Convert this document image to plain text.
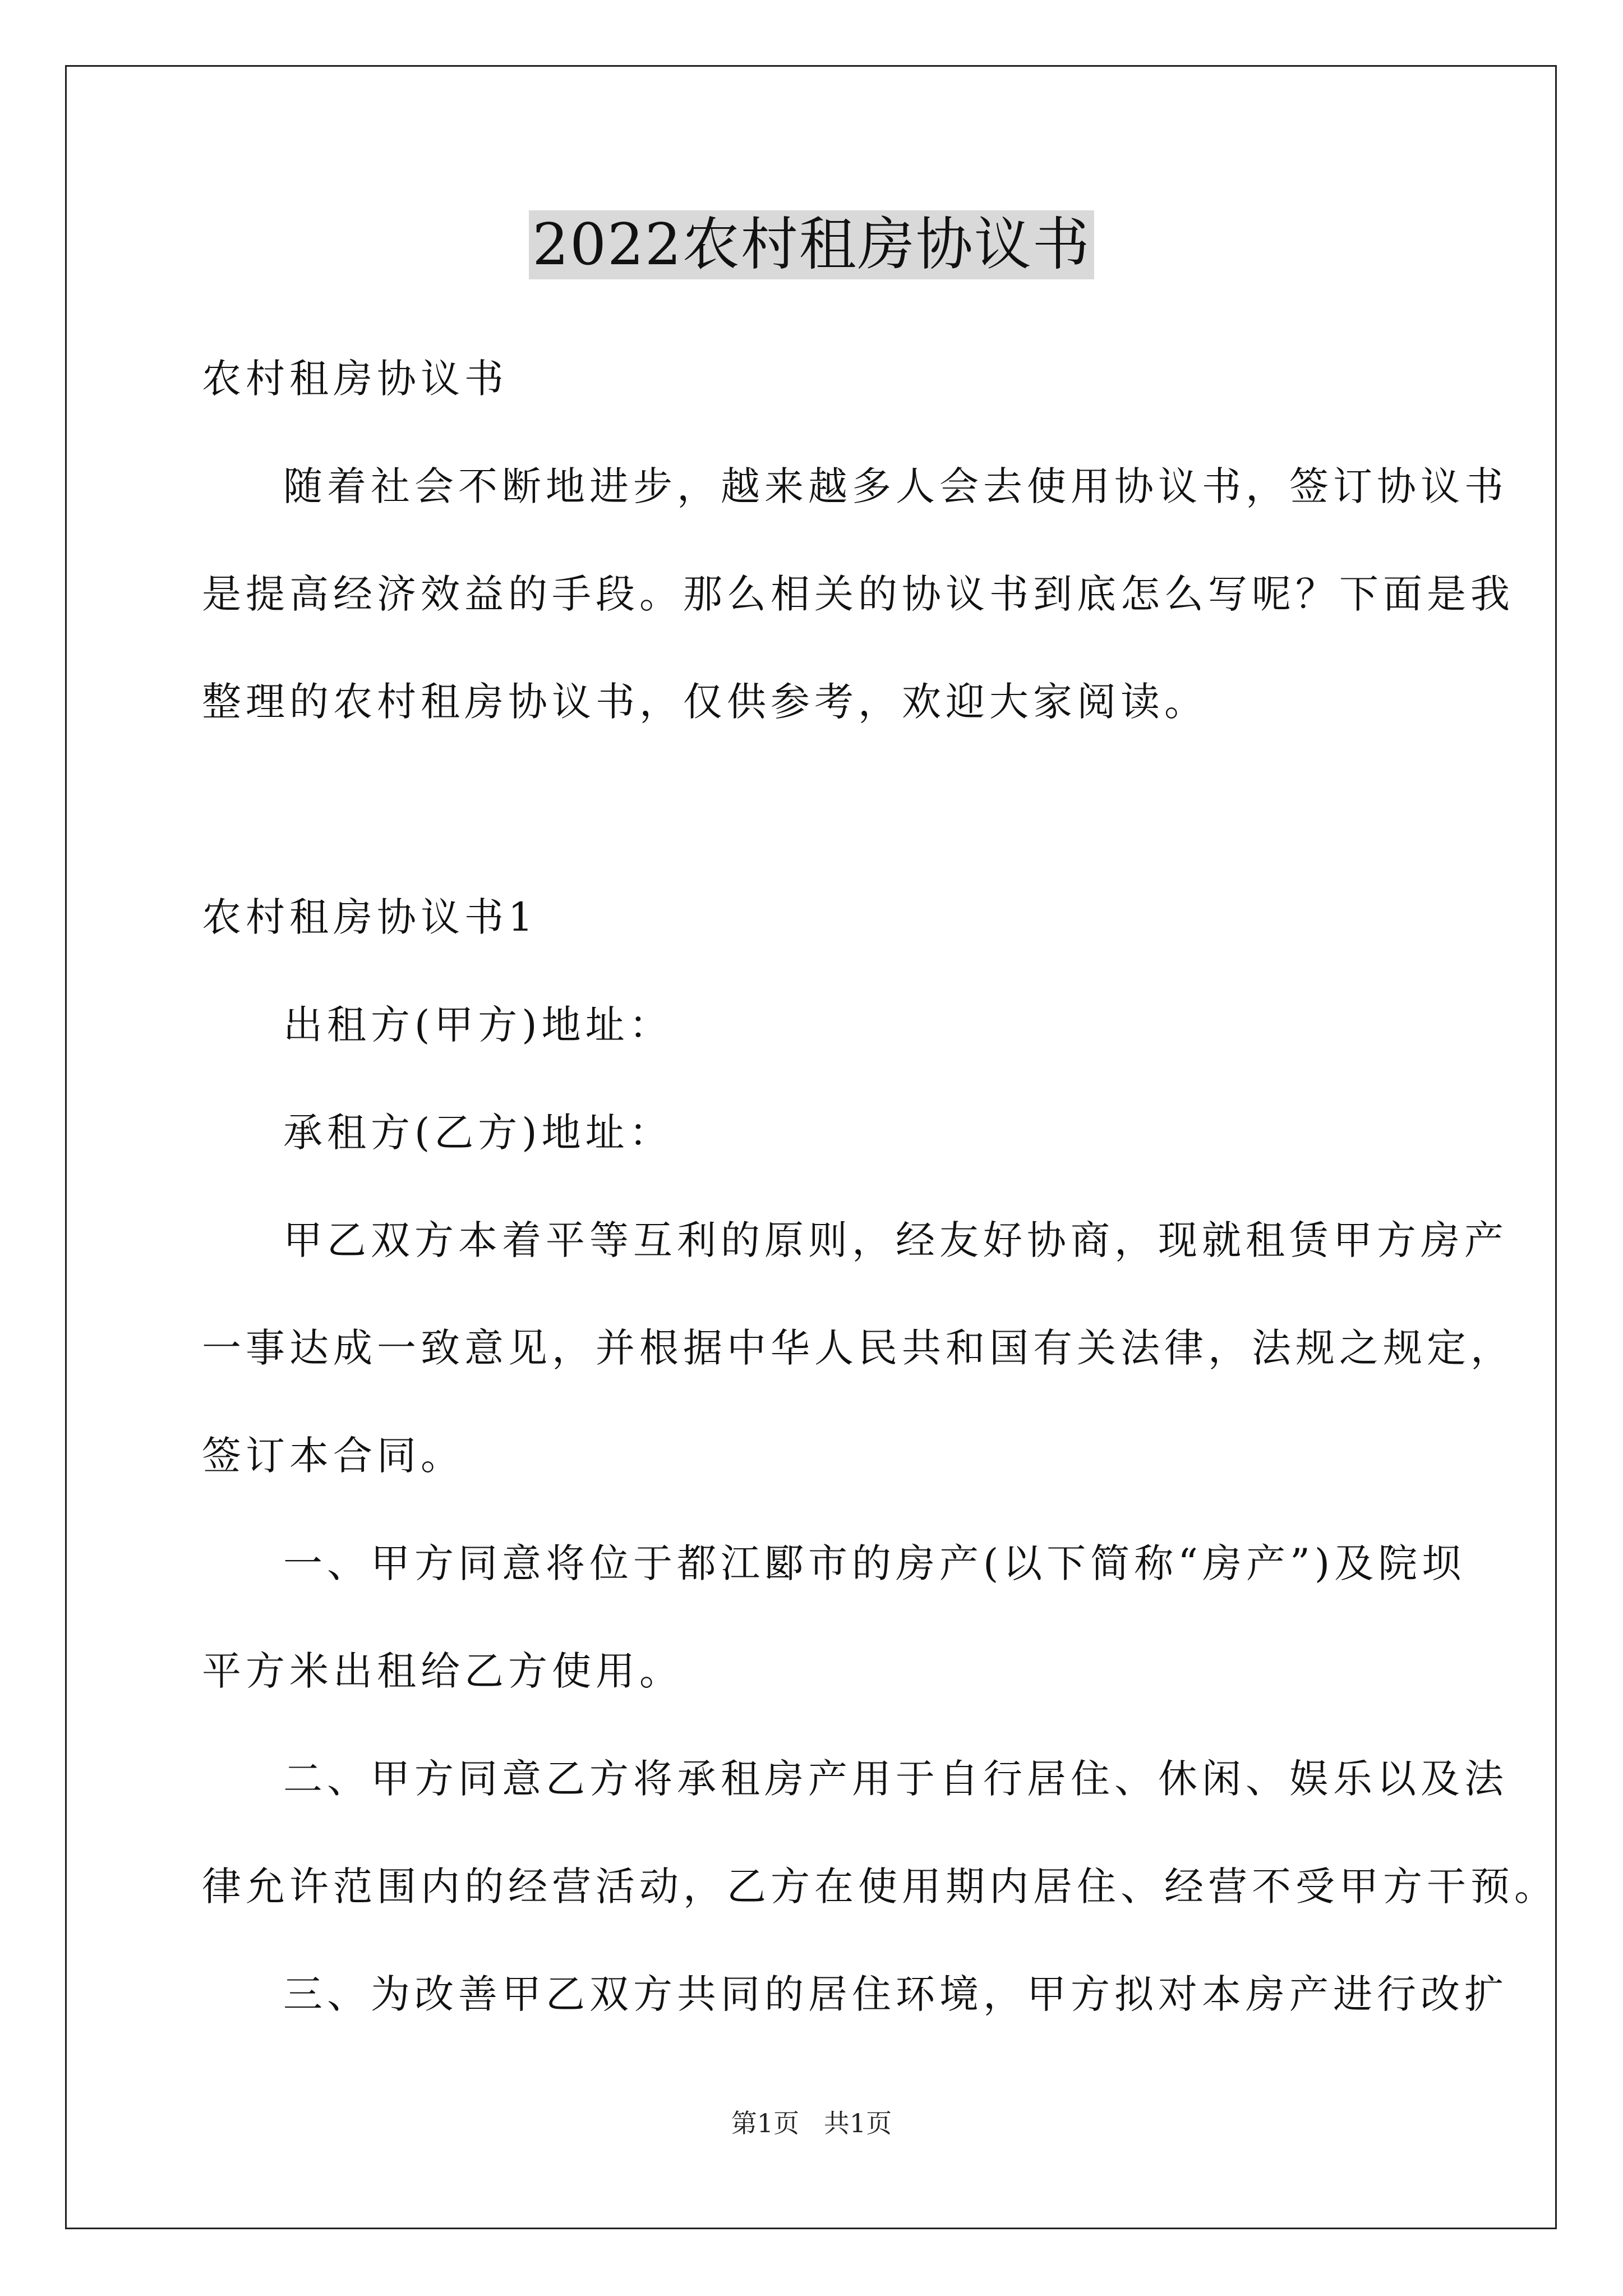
2022农村租房协议书
农村租房协议书
随着社会不断地进步，越来越多人会去使用协议书，签订协议书
是提高经济效益的手段。那么相关的协议书到底怎么写呢？下面是我
整理的农村租房协议书，仅供参考，欢迎大家阅读。
农村租房协议书1
出租方(甲方)地址：
承租方(乙方)地址：
甲乙双方本着平等互利的原则，经友好协商，现就租赁甲方房产
一事达成一致意见，并根据中华人民共和国有关法律，法规之规定，
签订本合同。
一、甲方同意将位于都江郾市的房产(以下简称“房产”)及院坝
平方米出租给乙方使用。
二、甲方同意乙方将承租房产用于自行居住、休闲、娱乐以及法
律允许范围内的经营活动，乙方在使用期内居住、经营不受甲方干预。
三、为改善甲乙双方共同的居住环境，甲方拟对本房产进行改扩
第1页   共1页
